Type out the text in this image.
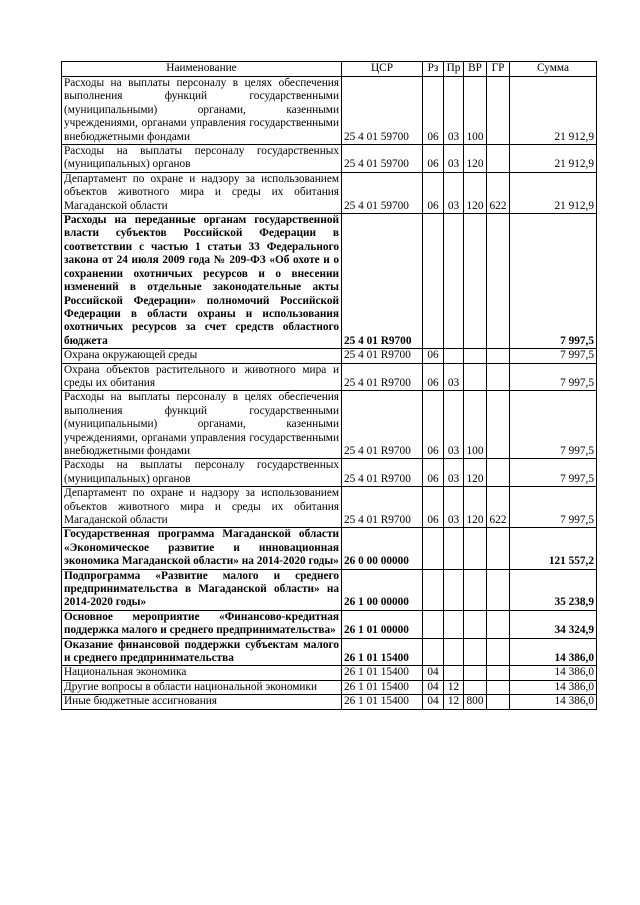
Наименование	ЦСР	Рз	Пр	ВР	ГР	Сумма
Расходы на выплаты персоналу в целях обеспечения выполнения функций государственными (муниципальными) органами, казенными учреждениями, органами управления государственными внебюджетными фондами	25 4 01 59700	06	03	100		21 912,9
Расходы на выплаты персоналу государственных (муниципальных) органов	25 4 01 59700	06	03	120		21 912,9
Департамент по охране и надзору за использованием объектов животного мира и среды их обитания Магаданской области	25 4 01 59700	06	03	120	622	21 912,9
Расходы на переданные органам государственной власти субъектов Российской Федерации в соответствии с частью 1 статьи 33 Федерального закона от 24 июля 2009 года № 209-ФЗ «Об охоте и о сохранении охотничьих ресурсов и о внесении изменений в отдельные законодательные акты Российской Федерации» полномочий Российской Федерации в области охраны и использования охотничьих ресурсов за счет средств областного бюджета	25 4 01 R9700					7 997,5
Охрана окружающей среды	25 4 01 R9700	06				7 997,5
Охрана объектов растительного и животного мира и среды их обитания	25 4 01 R9700	06	03			7 997,5
Расходы на выплаты персоналу в целях обеспечения выполнения функций государственными (муниципальными) органами, казенными учреждениями, органами управления государственными внебюджетными фондами	25 4 01 R9700	06	03	100		7 997,5
Расходы на выплаты персоналу государственных (муниципальных) органов	25 4 01 R9700	06	03	120		7 997,5
Департамент по охране и надзору за использованием объектов животного мира и среды их обитания Магаданской области	25 4 01 R9700	06	03	120	622	7 997,5
Государственная программа Магаданской области «Экономическое развитие и инновационная экономика Магаданской области» на 2014-2020 годы»	26 0 00 00000					121 557,2
Подпрограмма «Развитие малого и среднего предпринимательства в Магаданской области» на 2014-2020 годы»	26 1 00 00000					35 238,9
Основное мероприятие «Финансово-кредитная поддержка малого и среднего предпринимательства»	26 1 01 00000					34 324,9
Оказание финансовой поддержки субъектам малого и среднего предпринимательства	26 1 01 15400					14 386,0
Национальная экономика	26 1 01 15400	04				14 386,0
Другие вопросы в области национальной экономики	26 1 01 15400	04	12			14 386,0
Иные бюджетные ассигнования	26 1 01 15400	04	12	800		14 386,0
